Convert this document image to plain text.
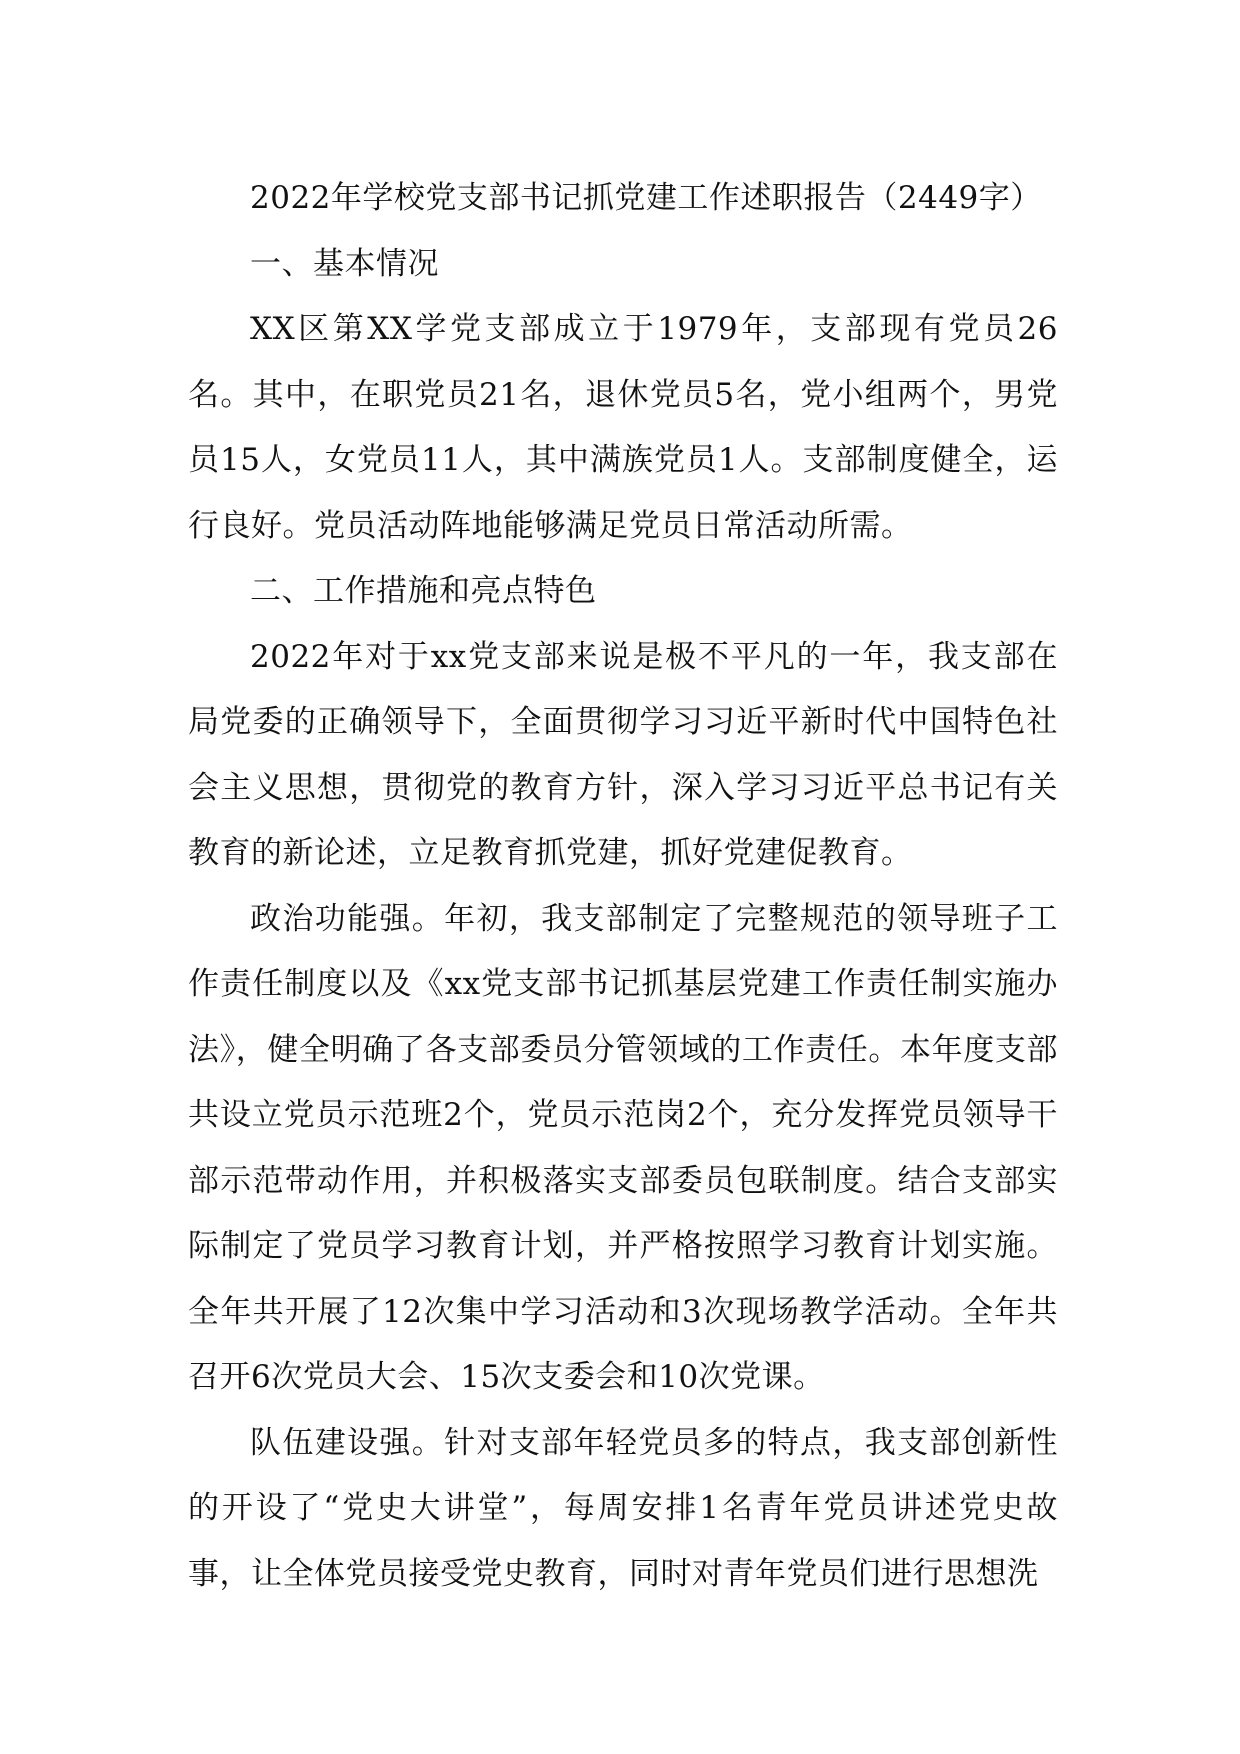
2022年学校党支部书记抓党建工作述职报告（2449字）

一、基本情况

XX区第XX学党支部成立于1979年，支部现有党员26名。其中，在职党员21名，退休党员5名，党小组两个，男党员15人，女党员11人，其中满族党员1人。支部制度健全，运行良好。党员活动阵地能够满足党员日常活动所需。

二、工作措施和亮点特色

2022年对于xx党支部来说是极不平凡的一年，我支部在局党委的正确领导下，全面贯彻学习习近平新时代中国特色社会主义思想，贯彻党的教育方针，深入学习习近平总书记有关教育的新论述，立足教育抓党建，抓好党建促教育。

政治功能强。年初，我支部制定了完整规范的领导班子工作责任制度以及《xx党支部书记抓基层党建工作责任制实施办法》，健全明确了各支部委员分管领域的工作责任。本年度支部共设立党员示范班2个，党员示范岗2个，充分发挥党员领导干部示范带动作用，并积极落实支部委员包联制度。结合支部实际制定了党员学习教育计划，并严格按照学习教育计划实施。全年共开展了12次集中学习活动和3次现场教学活动。全年共召开6次党员大会、15次支委会和10次党课。

队伍建设强。针对支部年轻党员多的特点，我支部创新性的开设了“党史大讲堂”，每周安排1名青年党员讲述党史故事，让全体党员接受党史教育，同时对青年党员们进行思想洗
